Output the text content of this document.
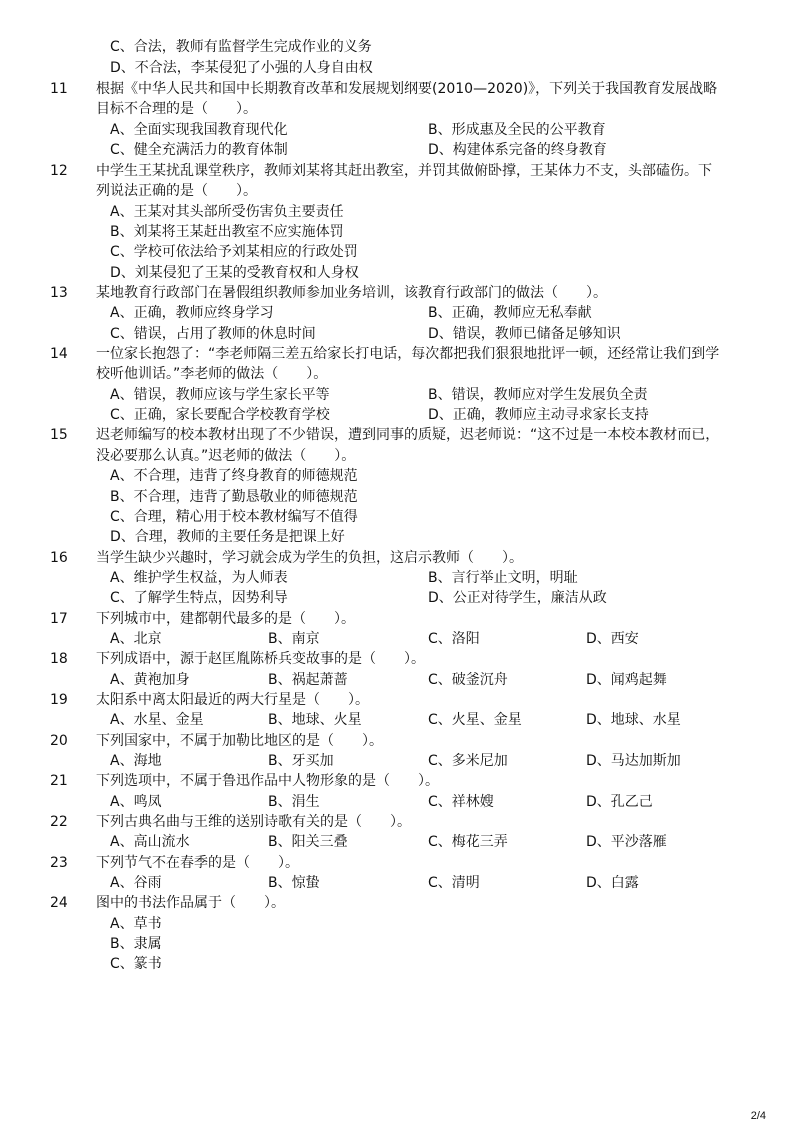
C、合法，教师有监督学生完成作业的义务
D、不合法，李某侵犯了小强的人身自由权
11	根据《中华人民共和国中长期教育改革和发展规划纲要(2010—2020)》，下列关于我国教育发展战略
目标不合理的是（　　）。
A、全面实现我国教育现代化	B、形成惠及全民的公平教育
C、健全充满活力的教育体制	D、构建体系完备的终身教育
12	中学生王某扰乱课堂秩序，教师刘某将其赶出教室，并罚其做俯卧撑，王某体力不支，头部磕伤。下
列说法正确的是（　　）。
A、王某对其头部所受伤害负主要责任
B、刘某将王某赶出教室不应实施体罚
C、学校可依法给予刘某相应的行政处罚
D、刘某侵犯了王某的受教育权和人身权
13	某地教育行政部门在暑假组织教师参加业务培训，该教育行政部门的做法（　　）。
A、正确，教师应终身学习	B、正确，教师应无私奉献
C、错误，占用了教师的休息时间	D、错误，教师已储备足够知识
14	一位家长抱怨了：“李老师隔三差五给家长打电话，每次都把我们狠狠地批评一顿，还经常让我们到学
校听他训话。”李老师的做法（　　）。
A、错误，教师应该与学生家长平等	B、错误，教师应对学生发展负全责
C、正确，家长要配合学校教育学校	D、正确，教师应主动寻求家长支持
15	迟老师编写的校本教材出现了不少错误，遭到同事的质疑，迟老师说：“这不过是一本校本教材而已，
没必要那么认真。”迟老师的做法（　　）。
A、不合理，违背了终身教育的师德规范
B、不合理，违背了勤恳敬业的师德规范
C、合理，精心用于校本教材编写不值得
D、合理，教师的主要任务是把课上好
16	当学生缺少兴趣时，学习就会成为学生的负担，这启示教师（　　）。
A、维护学生权益，为人师表	B、言行举止文明，明耻
C、了解学生特点，因势利导	D、公正对待学生，廉洁从政
17	下列城市中，建都朝代最多的是（　　）。
A、北京	B、南京	C、洛阳	D、西安
18	下列成语中，源于赵匡胤陈桥兵变故事的是（　　）。
A、黄袍加身	B、祸起萧蔷	C、破釜沉舟	D、闻鸡起舞
19	太阳系中离太阳最近的两大行星是（　　）。
A、水星、金星	B、地球、火星	C、火星、金星	D、地球、水星
20	下列国家中，不属于加勒比地区的是（　　）。
A、海地	B、牙买加	C、多米尼加	D、马达加斯加
21	下列选项中，不属于鲁迅作品中人物形象的是（　　）。
A、鸣凤	B、涓生	C、祥林嫂	D、孔乙己
22	下列古典名曲与王维的送别诗歌有关的是（　　）。
A、高山流水	B、阳关三叠	C、梅花三弄	D、平沙落雁
23	下列节气不在春季的是（　　）。
A、谷雨	B、惊蛰	C、清明	D、白露
24	图中的书法作品属于（　　）。
A、草书
B、隶属
C、篆书
2/4
